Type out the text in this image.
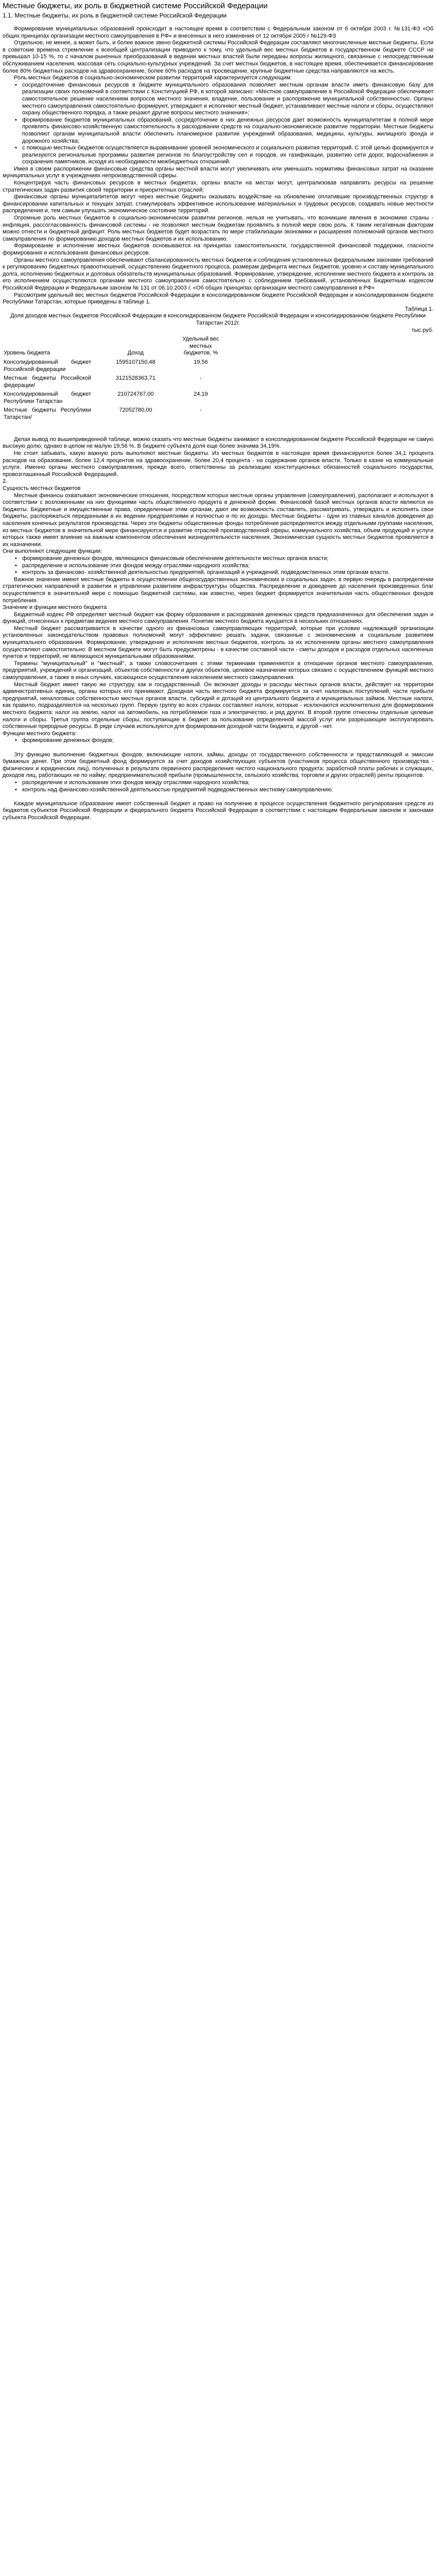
Местные бюджеты, их роль в бюджетной системе Российской Федерации
1.1. Местные бюджеты, их роль в бюджетной системе Российской Федерации

Формирование муниципальных образований происходит в настоящее время в соответствии с Федеральным законом от 6 октября 2003 г. №131-ФЗ «Об общих принципах организации местного самоуправления в РФ» и внесенных в него изменения от 12 октября 2005 г №129-ФЗ

Отдельное, не менее, а может быть, и более важное звено бюджетной системы Российской Федерации составляют многочисленные местные бюджеты. Если в советские времена стремление к всеобщей централизации приводило к тому, что удельный вес местных бюджетов в государственном бюджете СССР не превышал 10-15 %, то с началом рыночных преобразований в ведении местных властей были переданы вопросы жилищного, связанные с непосредственным обслуживанием населения, массовая сеть социально-культурных учреждений. За счет местных бюджетов, в настоящее время, обеспечивается финансирование более 80% бюджетных расходов на здравоохранение, более 60% расходов на просвещение, крупные бюджетные средства направляются на жесть.

Роль местных бюджетов в социально-экономическом развитии территорий характеризуется следующим:

• сосредоточение финансовых ресурсов в бюджете муниципального образования позволяет местным органам власти иметь финансовую базу для реализации своих полномочий в соответствии с Конституцией РФ, в которой записано: «Местное самоуправление в Российской Федерации обеспечивает самостоятельное решение населением вопросов местного значения, владение, пользование и распоряжение муниципальной собственностью. Органы местного самоуправления самостоятельно формируют, утверждают и исполняют местный бюджет, устанавливают местные налоги и сборы, осуществляют охрану общественного порядка, а также решают другие вопросы местного значения»;

• формирование бюджетов муниципальных образований, сосредоточение в них денежных ресурсов дает возможность муниципалитетам в полной мере проявлять финансово-хозяйственную самостоятельность в расходовании средств на социально-экономическое развитие территории. Местные бюджеты позволяют органам муниципальной власти обеспечить планомерное развитие учреждений образования, медицины, культуры, жилищного фонда и дорожного хозяйства;

• с помощью местных бюджетов осуществляется выравнивание уровней экономического и социального развития территорий. С этой целью формируются и реализуются региональные программы развития регионов по благоустройству сел и городов, их газификации, развитию сети дорог, водоснабжения и сохранения памятников, исходя из необходимости межбюджетных отношений.

Имея в своем распоряжении финансовые средства органы местной власти могут увеличивать или уменьшать нормативы финансовых затрат на оказание муниципальных услуг в учреждениях непроизводственной сферы.

Концентрируя часть финансовых ресурсов в местных бюджетах, органы власти на местах могут, централизовав направлять ресурсы на решение стратегических задач развития своей территории и приоритетных отраслей;

финансовые органы муниципалитетов могут через местные бюджеты оказывать воздействие на обновление оплатившие производственных структур в финансировании капитальных и текущих затрат, стимулировать эффективное использование материальных и трудовых ресурсов, создавать новые местности распределения и, тем самым улучшать экономическое состояние территорий.

Огромные роль местных бюджетов в социально-экономическом развитии регионов, нельзя не учитывать, что возникшие явления в экономике страны - инфляция, рассогласованность финансовой системы - не позволяют местным бюджетам проявлять в полной мере свою роль. К таким негативным факторам можно отнести и бюджетный дефицит. Роль местных бюджетов будет возрастать по мере стабилизации экономики и расширения полномочий органов местного самоуправления по формированию доходов местных бюджетов и их использованию.

Формирование и исполнение местных бюджетов основываются на принципах самостоятельности, государственной финансовой поддержки, гласности формирования и использования финансовых ресурсов.

Органы местного самоуправления обеспечивают сбалансированность местных бюджетов и соблюдения установленных федеральными законами требований к регулированию бюджетных правоотношений, осуществлению бюджетного процесса, размерам дефицита местных бюджетов, уровню и составу муниципального долга, исполнению бюджетных и долговых обязательств муниципальных образований. Формирование, утверждение, исполнение местного бюджета и контроль за его исполнением осуществляются органами местного самоуправления самостоятельно с соблюдением требований, установленных Бюджетным кодексом Российской Федерации и Федеральным законом № 131 от 06.10.2003 г. «Об общих принципах организации местного самоуправления в РФ»

Рассмотрим удельный вес местных бюджетов Российской Федерации в консолидированном бюджете Российской Федерации и консолидированном бюджете Республики Татарстан, которые приведены в таблице 1.

Таблица 1.

Доля доходов местных бюджетов Российской Федерации в консолидированном бюджете Российской Федерации и консолидированном бюджете Республики Татарстан 2012г.

тыс.руб.

Уровень бюджета	Доход	Удельный вес местных бюджетов, %
Консолидированный бюджет Российской федерации	1595107150,48	19,56
Местные бюджеты Российской федерации/	312152836З,71	-
Консолидированный бюджет Республики Татарстан	210724767,00	24,19
Местные бюджеты Республики Татарстан/	72052780,00	-

Делая вывод по вышеприведенной таблице, можно сказать что местные бюджеты занимают в консолидированном бюджете Российской Федерации не самую высокую долю, однако в целом не малую 19,56 %. В бюджете субъекта доля еще более значима 34,19%.

Не стоит забывать, какую важную роль выполняют местные бюджеты. Из местных бюджетов в настоящее время финансируются более 34,1 процента расходов на образование, более 12,4 процентов на здравоохранение, более 20,4 процента - на содержание органов власти. Только в казне на коммунальные услуги. Именно органы местного самоуправления, прежде всего, ответственны за реализацию конституционных обязанностей социального государства, провозглашенный Российской Федерацией.

2.

Сущность местных бюджетов

Местные финансы охватывают экономические отношения, посредством которых местные органы управления (самоуправления), располагают и используют в соответствии с возложенными на них функциями часть общественного продукта в денежной форме. Финансовой базой местных органов власти являются их бюджеты. Бюджетные и имущественные права, определенные этим органам, дают им возможность составлять, рассматривать, утверждать и исполнять свои бюджеты, распоряжаться переданными в их ведении предприятиями и полностью и по их доходы. Местные бюджеты - одни из главных каналов доведения до населения конечных результатов производства. Через эти бюджеты общественные фонды потребления распределяются между отдельными группами населения, из местных бюджетов в значительной мере финансируются и развитие отраслей производственной сферы, коммунального хозяйства, объем продукций и услуги которых также имеет влияние на важным компонентом обеспечения жизнедеятельности населения. Экономическая сущность местных бюджетов проявляется в их назначении.

Они выполняют следующие функции:

• формирование денежных фондов, являющихся финансовым обеспечением деятельности местных органов власти;

• распределение и использование этих фондов между отраслями народного хозяйства;

• контроль за финансово- хозяйственной деятельностью предприятий, организаций и учреждений, подведомственных этим органам власти.

Важное значение имеют местные бюджеты в осуществлении общегосударственных экономических и социальных задач, в первую очередь в распределении стратегических направлений в развитии и управлении развитием инфраструктуры общества. Распределение и доведение до населения произведенных благ осуществляется в значительной мере с помощью бюджетной системы, как известно, через бюджет формируется значительная часть общественных фондов потребления.

Значение и функции местного бюджета

Бюджетный кодекс РФ определяет местный бюджет как форму образования и расходования денежных средств предназначенных для обеспечения задач и функций, отнесенных к предметам ведения местного самоуправления. Понятие местного бюджета жундается в нескольких отношениях.

Местный бюджет рассматривается в качестве одного из финансовых самоуправляющих территорий, которые при условии надлежащей организации установленных законодательством правовых полномочий могут эффективно решать задачи, связанные с экономическим и социальным развитием муниципального образования. Формирование, утверждение и исполнение местных бюджетов, контроль за их исполнением органы местного самоуправления осуществляют самостоятельно. В местном бюджете могут быть предусмотрены - в качестве составной части - сметы доходов и расходов отдельных населенных пунктов и территорий, не являющихся муниципальными образованиями.

Термины "муниципальный" и "местный", а также словосочетания с этими терминами применяются в отношении органов местного самоуправления, предприятий, учреждений и организаций, объектов собственности и других объектов, целевое назначение которых связано с осуществлением функций местного самоуправления, а также в иных случаях, касающихся осуществления населением местного самоуправления.

Местный бюджет имеет такую же структуру, как и государственный. Он включает доходы и расходы местных органов власти, действует на территории административных единиц, органы которых его принимают. Доходная часть местного бюджета формируется за счет налоговых поступлений, части прибыли предприятий, неналоговых собственностью местных органов власти, субсидий и дотаций из центрального бюджета и муниципальных займов. Местные налоги, как правило, подразделяются на несколько групп. Первую группу во всех странах составляют налоги, которые - исключаются исключительно для формирования местного бюджета: налог на землю, налог на автомобиль, на потребляемое газа и электричество, и ряд других. В второй группе отнесены отдельные целевые налоги и сборы. Третья группа отдельные сборы, поступающие в бюджет за пользование определенной массой услуг или разрешающие эксплуатировать собственные природные ресурсы. В ряде случаев используются для формирования доходной части бюджета, и другой - нет.

Функции местного бюджета:

• формирование денежных фондов;

Эту функцию выполнение бюджетных фондов, включающие налоги, займы, доходы от государственного собственности и представляющей и эмиссии бумажных денег. При этом бюджетный фонд формируется за счет доходов хозяйствующих субъектов (участников процесса общественного производства - физических и юридических лиц), полученных в результате первичного распределения чистого национального продукта: заработной платы рабочих и служащих, доходов лиц, работающих не по найму; предпринимательской прибыли (промышленности, сельского хозяйства, торговли и других отраслей) ренты процентов.

• распределение и использование этих фондов между отраслями народного хозяйства;

• контроль над финансово-хозяйственной деятельностью предприятий подведомственных местному самоуправлению.

Каждое муниципальное образование имеет собственный бюджет и право на получение в процессе осуществления бюджетного регулирования средств из бюджетов субъектов Российской Федерации и федерального бюджета Российской Федерации в соответствии с настоящим Федеральным законом и законами субъекта Российской Федерации.
